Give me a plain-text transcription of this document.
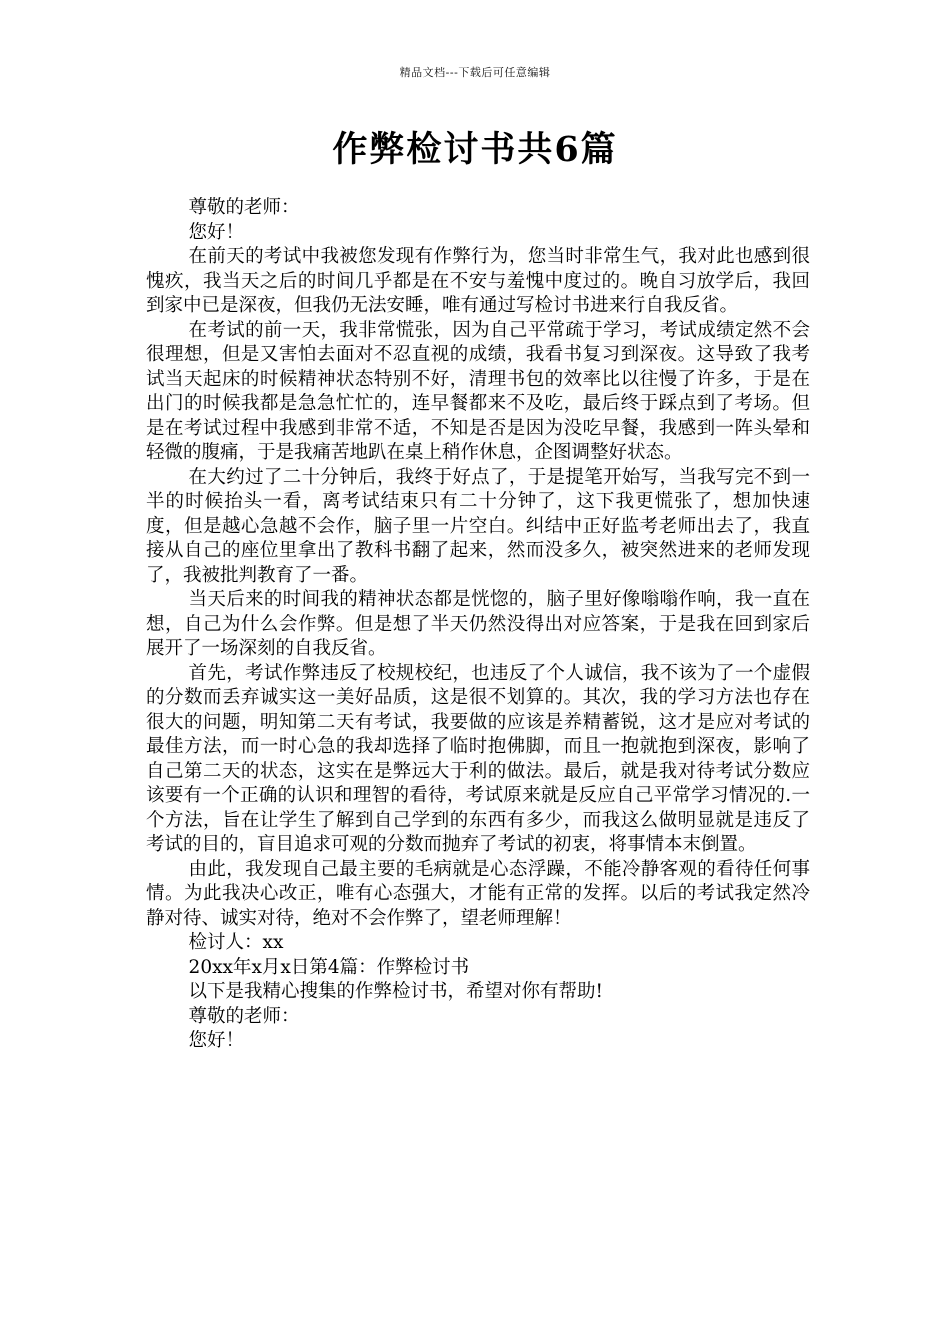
精品文档---下载后可任意编辑
作弊检讨书共6篇

尊敬的老师：

您好！

在前天的考试中我被您发现有作弊行为，您当时非常生气，我对此也感到很愧疚，我当天之后的时间几乎都是在不安与羞愧中度过的。晚自习放学后，我回到家中已是深夜，但我仍无法安睡，唯有通过写检讨书进来行自我反省。

在考试的前一天，我非常慌张，因为自己平常疏于学习，考试成绩定然不会很理想，但是又害怕去面对不忍直视的成绩，我看书复习到深夜。这导致了我考试当天起床的时候精神状态特别不好，清理书包的效率比以往慢了许多，于是在出门的时候我都是急急忙忙的，连早餐都来不及吃，最后终于踩点到了考场。但是在考试过程中我感到非常不适，不知是否是因为没吃早餐，我感到一阵头晕和轻微的腹痛，于是我痛苦地趴在桌上稍作休息，企图调整好状态。

在大约过了二十分钟后，我终于好点了，于是提笔开始写，当我写完不到一半的时候抬头一看，离考试结束只有二十分钟了，这下我更慌张了，想加快速度，但是越心急越不会作，脑子里一片空白。纠结中正好监考老师出去了，我直接从自己的座位里拿出了教科书翻了起来，然而没多久，被突然进来的老师发现了，我被批判教育了一番。

当天后来的时间我的精神状态都是恍惚的，脑子里好像嗡嗡作响，我一直在想，自己为什么会作弊。但是想了半天仍然没得出对应答案，于是我在回到家后展开了一场深刻的自我反省。

首先，考试作弊违反了校规校纪，也违反了个人诚信，我不该为了一个虚假的分数而丢弃诚实这一美好品质，这是很不划算的。其次，我的学习方法也存在很大的问题，明知第二天有考试，我要做的应该是养精蓄锐，这才是应对考试的最佳方法，而一时心急的我却选择了临时抱佛脚，而且一抱就抱到深夜，影响了自己第二天的状态，这实在是弊远大于利的做法。最后，就是我对待考试分数应该要有一个正确的认识和理智的看待，考试原来就是反应自己平常学习情况的.一个方法，旨在让学生了解到自己学到的东西有多少，而我这么做明显就是违反了考试的目的，盲目追求可观的分数而抛弃了考试的初衷，将事情本末倒置。

由此，我发现自己最主要的毛病就是心态浮躁，不能冷静客观的看待任何事情。为此我决心改正，唯有心态强大，才能有正常的发挥。以后的考试我定然冷静对待、诚实对待，绝对不会作弊了，望老师理解！

检讨人：xx

20xx年x月x日第4篇：作弊检讨书

以下是我精心搜集的作弊检讨书，希望对你有帮助!

尊敬的老师：

您好！
